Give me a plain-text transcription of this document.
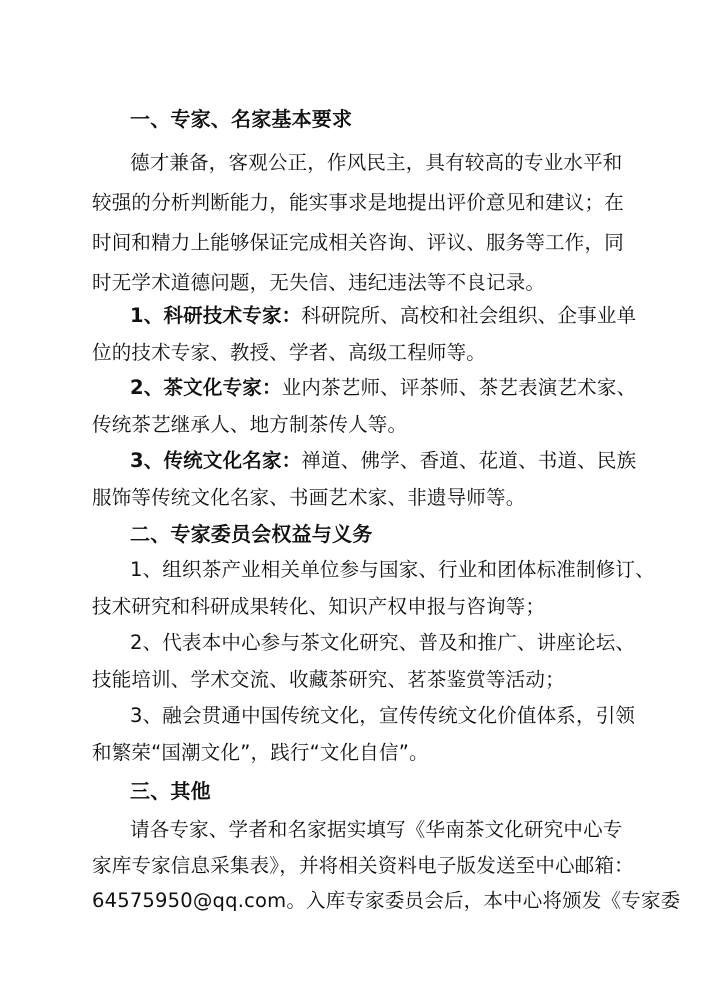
一、专家、名家基本要求
德才兼备，客观公正，作风民主，具有较高的专业水平和
较强的分析判断能力，能实事求是地提出评价意见和建议；在
时间和精力上能够保证完成相关咨询、评议、服务等工作，同
时无学术道德问题，无失信、违纪违法等不良记录。
1、科研技术专家：科研院所、高校和社会组织、企事业单
位的技术专家、教授、学者、高级工程师等。
2、茶文化专家：业内茶艺师、评茶师、茶艺表演艺术家、
传统茶艺继承人、地方制茶传人等。
3、传统文化名家：禅道、佛学、香道、花道、书道、民族
服饰等传统文化名家、书画艺术家、非遗导师等。
二、专家委员会权益与义务
1、组织茶产业相关单位参与国家、行业和团体标准制修订、
技术研究和科研成果转化、知识产权申报与咨询等；
2、代表本中心参与茶文化研究、普及和推广、讲座论坛、
技能培训、学术交流、收藏茶研究、茗茶鉴赏等活动；
3、融会贯通中国传统文化，宣传传统文化价值体系，引领
和繁荣“国潮文化”，践行“文化自信”。
三、其他
请各专家、学者和名家据实填写《华南茶文化研究中心专
家库专家信息采集表》，并将相关资料电子版发送至中心邮箱：
64575950@qq.com。入库专家委员会后，本中心将颁发《专家委
